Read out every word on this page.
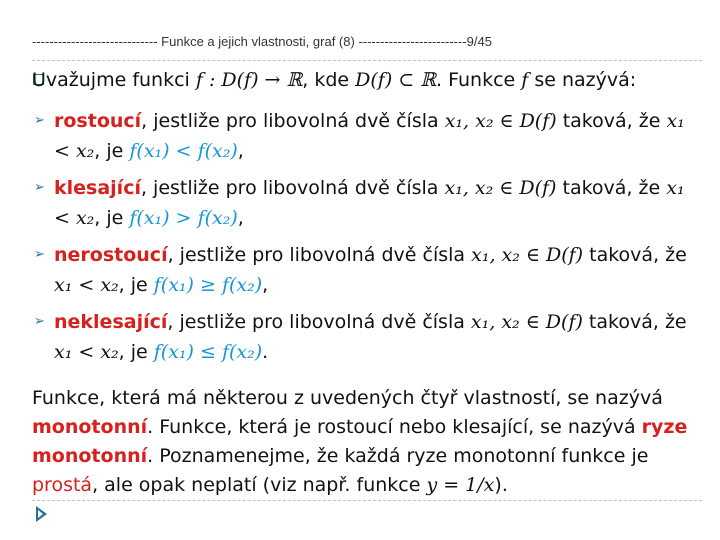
----------------------------- Funkce a jejich vlastnosti, graf (8) -------------------------9/45
Uvažujme funkci f : D(f) → ℝ, kde D(f) ⊂ ℝ. Funkce f se nazývá:
➢ rostoucí, jestliže pro libovolná dvě čísla x₁, x₂ ∈ D(f) taková, že x₁ < x₂, je f(x₁) < f(x₂),
➢ klesající, jestliže pro libovolná dvě čísla x₁, x₂ ∈ D(f) taková, že x₁ < x₂, je f(x₁) > f(x₂),
➢ nerostoucí, jestliže pro libovolná dvě čísla x₁, x₂ ∈ D(f) taková, že x₁ < x₂, je f(x₁) ≥ f(x₂),
➢ neklesající, jestliže pro libovolná dvě čísla x₁, x₂ ∈ D(f) taková, že x₁ < x₂, je f(x₁) ≤ f(x₂).
Funkce, která má některou z uvedených čtyř vlastností, se nazývá monotonní. Funkce, která je rostoucí nebo klesající, se nazývá ryze monotonní. Poznamenejme, že každá ryze monotonní funkce je prostá, ale opak neplatí (viz např. funkce y = 1/x).
